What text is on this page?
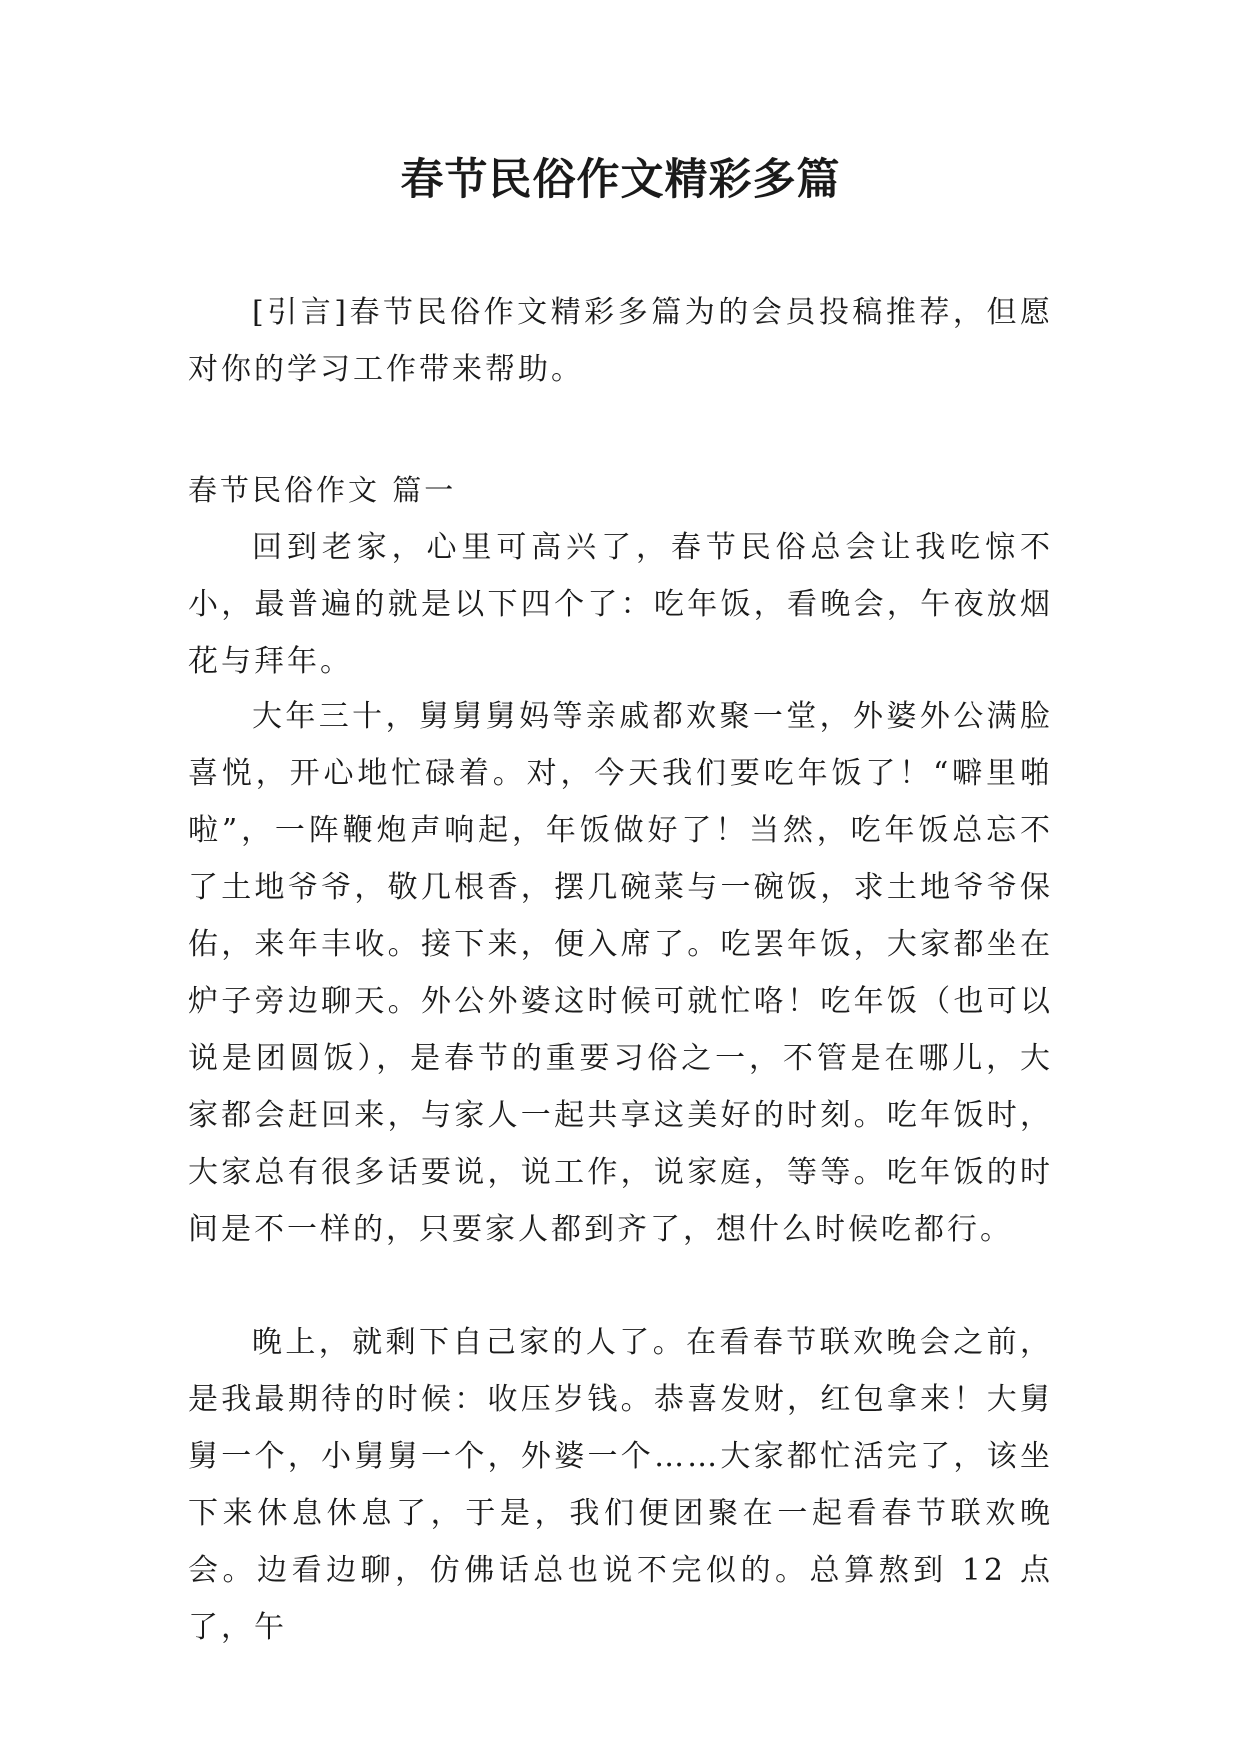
春节民俗作文精彩多篇

[引言]春节民俗作文精彩多篇为的会员投稿推荐，但愿对你的学习工作带来帮助。

春节民俗作文 篇一

回到老家，心里可高兴了，春节民俗总会让我吃惊不小，最普遍的就是以下四个了：吃年饭，看晚会，午夜放烟花与拜年。

大年三十，舅舅舅妈等亲戚都欢聚一堂，外婆外公满脸喜悦，开心地忙碌着。对，今天我们要吃年饭了！“噼里啪啦”，一阵鞭炮声响起，年饭做好了！当然，吃年饭总忘不了土地爷爷，敬几根香，摆几碗菜与一碗饭，求土地爷爷保佑，来年丰收。接下来，便入席了。吃罢年饭，大家都坐在炉子旁边聊天。外公外婆这时候可就忙咯！吃年饭（也可以说是团圆饭），是春节的重要习俗之一，不管是在哪儿，大家都会赶回来，与家人一起共享这美好的时刻。吃年饭时，大家总有很多话要说，说工作，说家庭，等等。吃年饭的时间是不一样的，只要家人都到齐了，想什么时候吃都行。

晚上，就剩下自己家的人了。在看春节联欢晚会之前，是我最期待的时候：收压岁钱。恭喜发财，红包拿来！大舅舅一个，小舅舅一个，外婆一个……大家都忙活完了，该坐下来休息休息了，于是，我们便团聚在一起看春节联欢晚会。边看边聊，仿佛话总也说不完似的。总算熬到 12 点了，午
